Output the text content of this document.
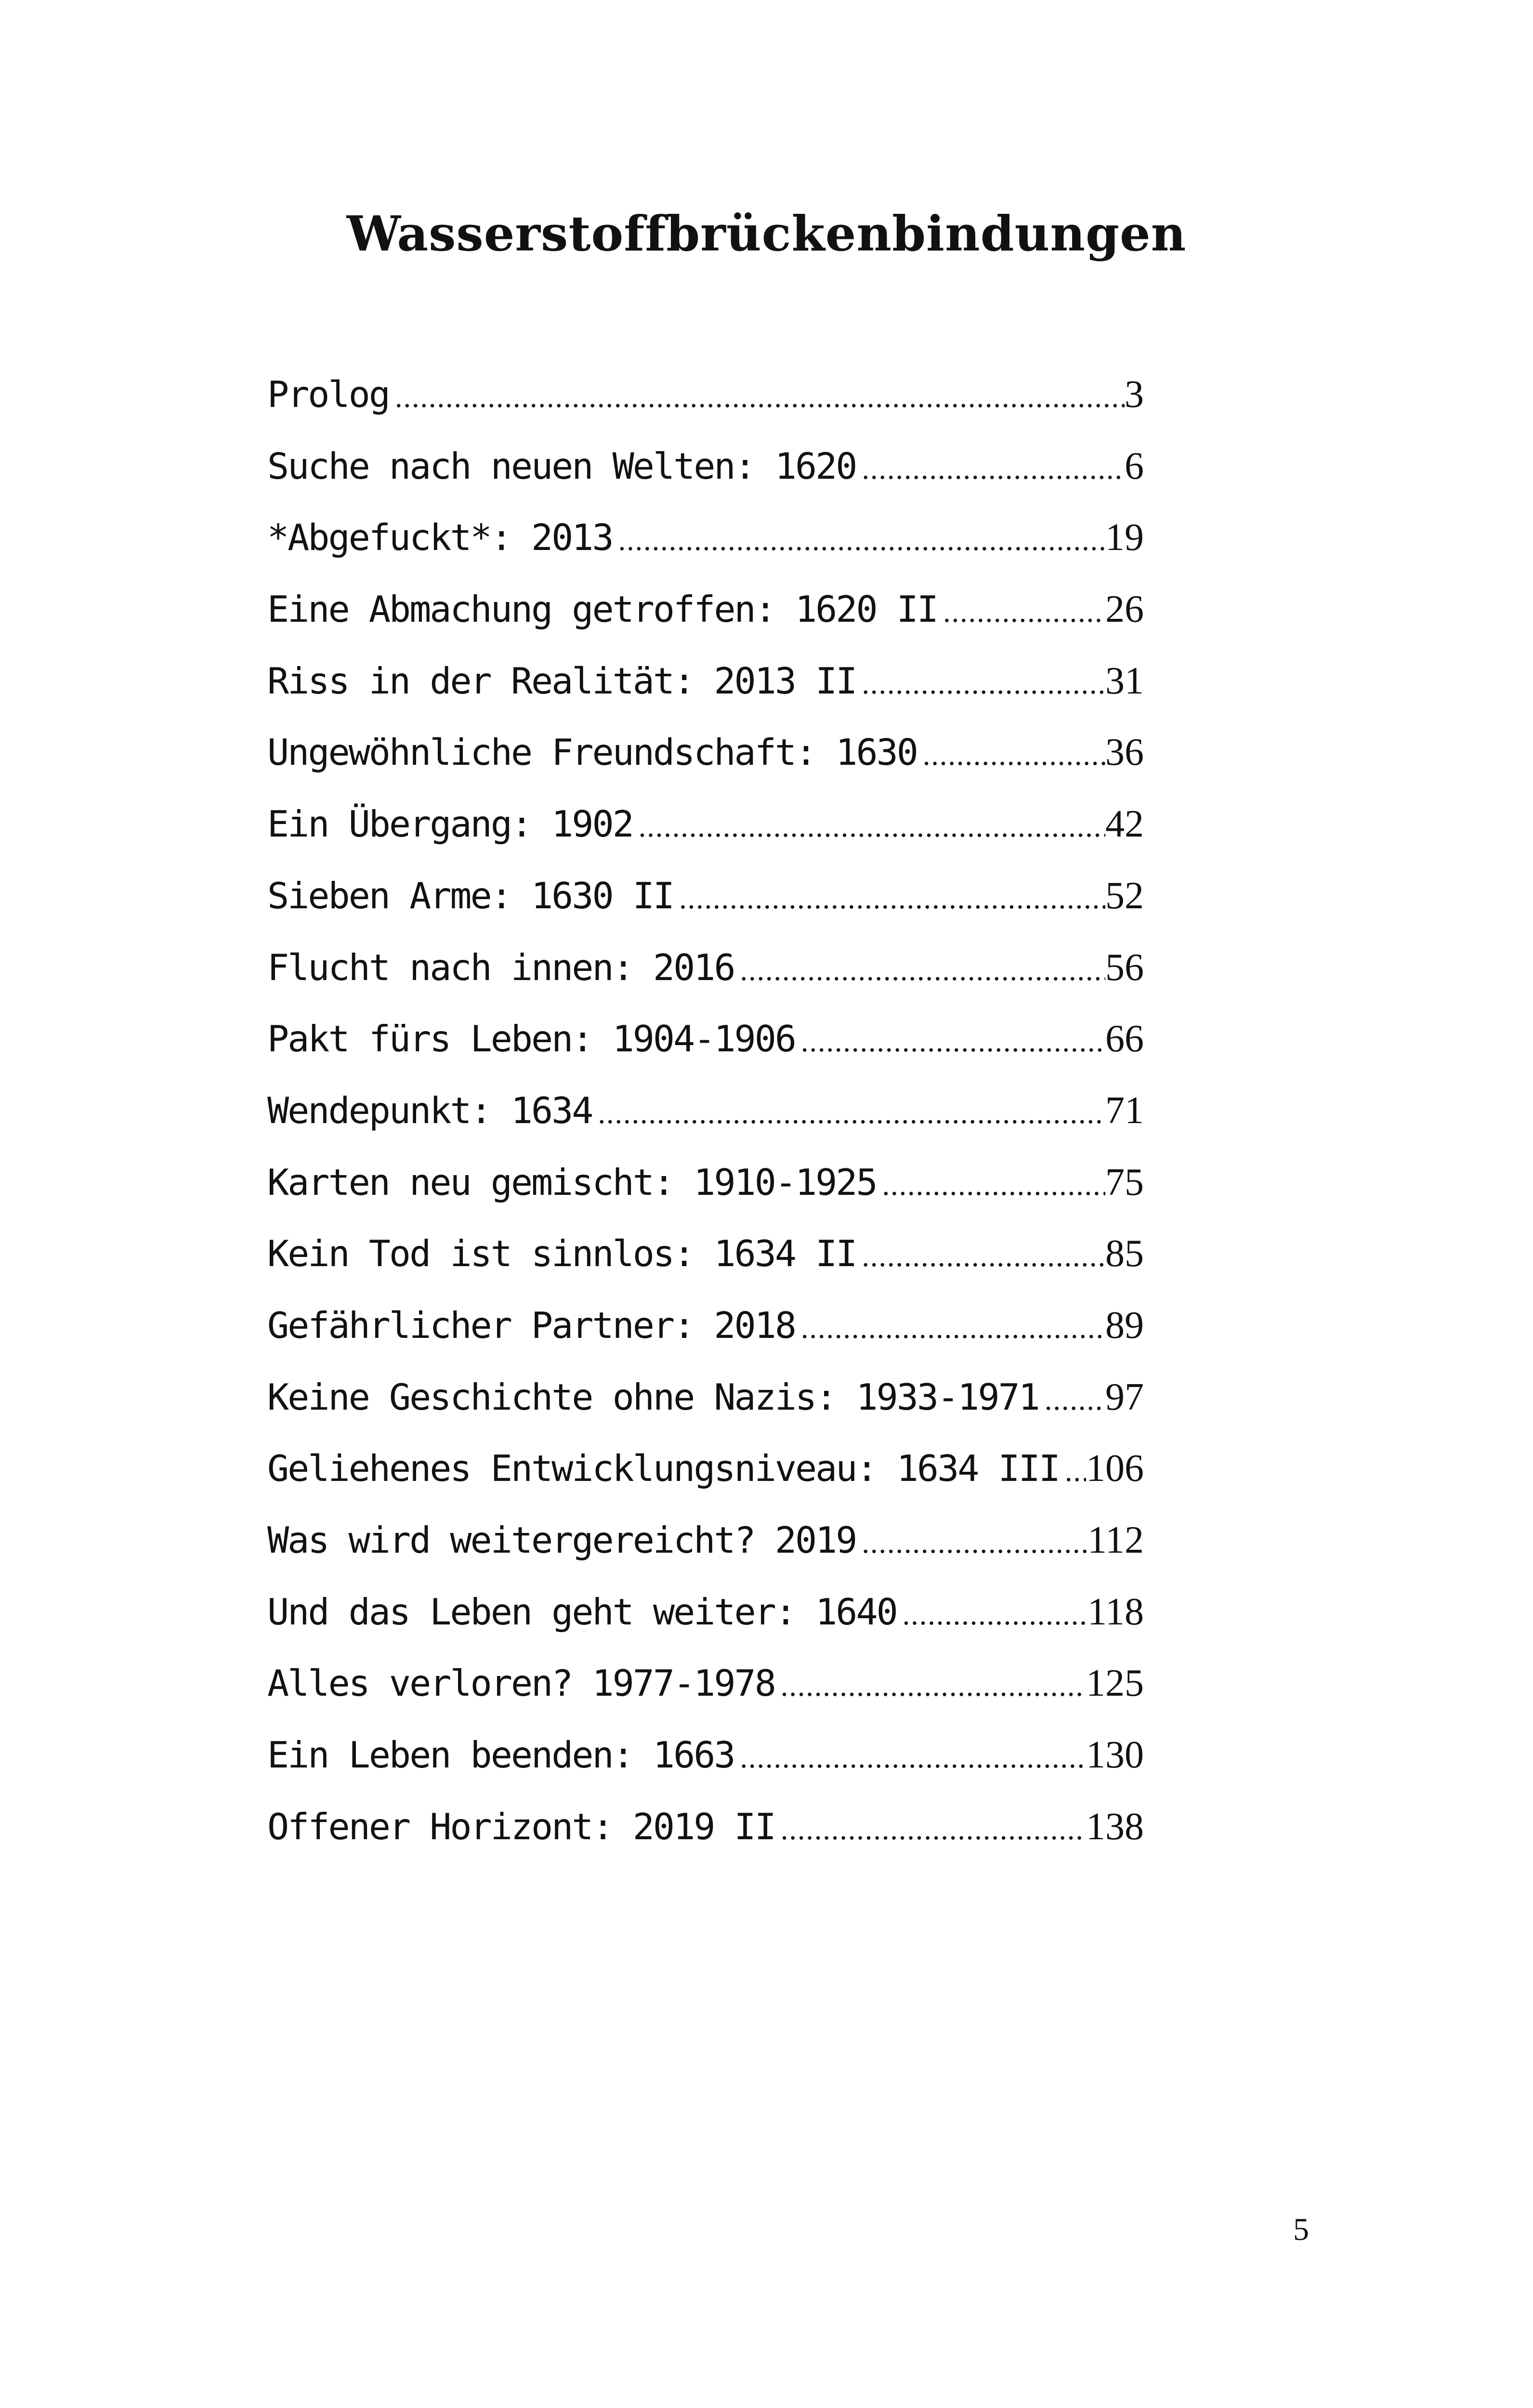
Wasserstoffbrückenbindungen
Prolog .....	3
Suche nach neuen Welten: 1620 .....	6
*Abgefuckt*: 2013 .....	19
Eine Abmachung getroffen: 1620 II .....	26
Riss in der Realität: 2013 II .....	31
Ungewöhnliche Freundschaft: 1630 .....	36
Ein Übergang: 1902 .....	42
Sieben Arme: 1630 II .....	52
Flucht nach innen: 2016 .....	56
Pakt fürs Leben: 1904-1906 .....	66
Wendepunkt: 1634 .....	71
Karten neu gemischt: 1910-1925 .....	75
Kein Tod ist sinnlos: 1634 II .....	85
Gefährlicher Partner: 2018 .....	89
Keine Geschichte ohne Nazis: 1933-1971 ..... 97
Geliehenes Entwicklungsniveau: 1634 III ..... 106
Was wird weitergereicht? 2019 .....	112
Und das Leben geht weiter: 1640 .....	118
Alles verloren? 1977-1978 .....	125
Ein Leben beenden: 1663 .....	130
Offener Horizont: 2019 II .....	138
5
